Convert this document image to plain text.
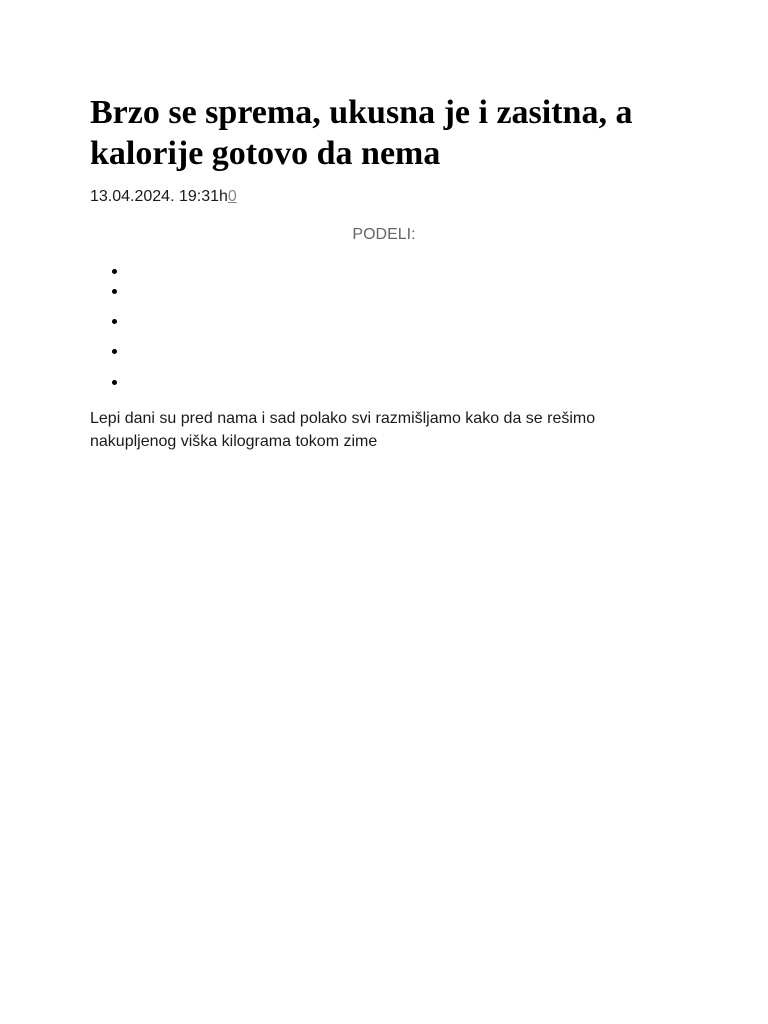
Brzo se sprema, ukusna je i zasitna, a kalorije gotovo da nema
13.04.2024. 19:31h0
PODELI:

Lepi dani su pred nama i sad polako svi razmišljamo kako da se rešimo nakupljenog viška kilograma tokom zime
